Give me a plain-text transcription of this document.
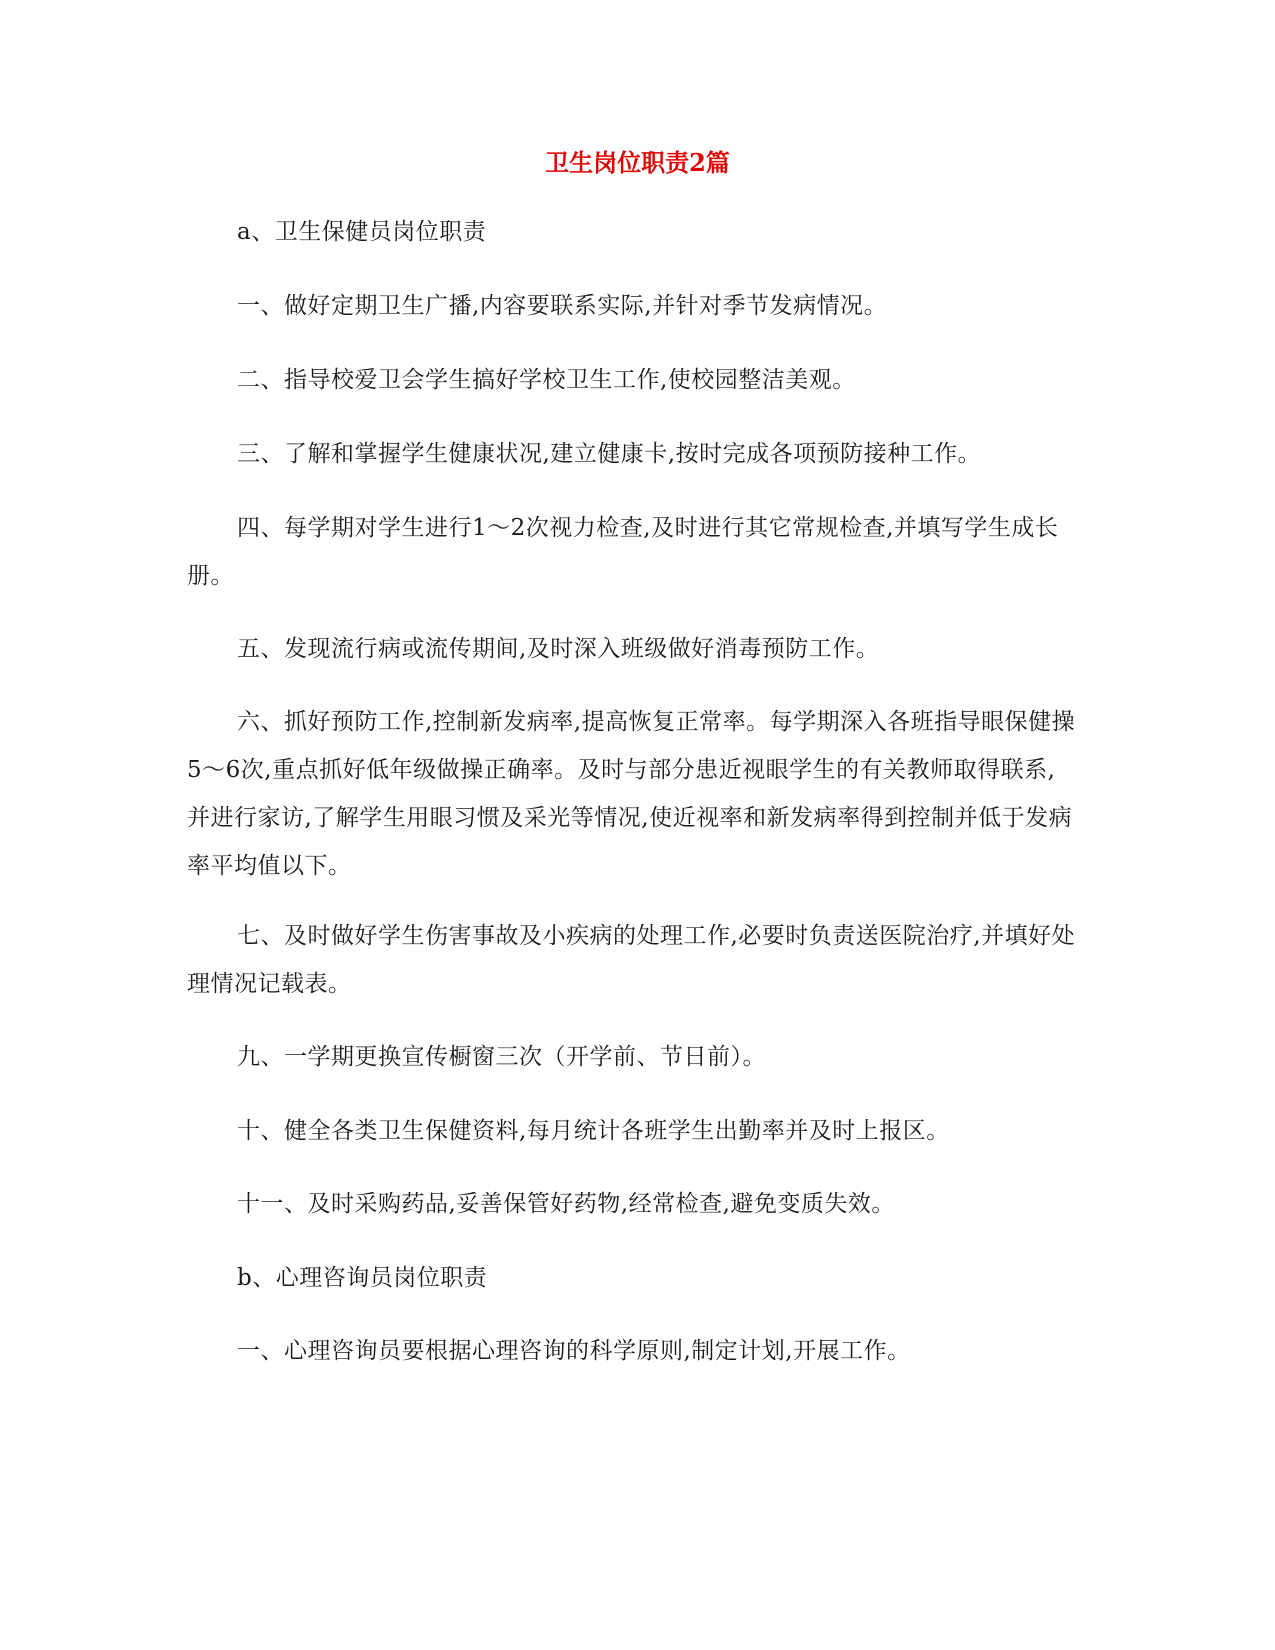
卫生岗位职责2篇

a、卫生保健员岗位职责

一、做好定期卫生广播,内容要联系实际,并针对季节发病情况。

二、指导校爱卫会学生搞好学校卫生工作,使校园整洁美观。

三、了解和掌握学生健康状况,建立健康卡,按时完成各项预防接种工作。

四、每学期对学生进行1～2次视力检查,及时进行其它常规检查,并填写学生成长册。

五、发现流行病或流传期间,及时深入班级做好消毒预防工作。

六、抓好预防工作,控制新发病率,提高恢复正常率。每学期深入各班指导眼保健操5～6次,重点抓好低年级做操正确率。及时与部分患近视眼学生的有关教师取得联系,并进行家访,了解学生用眼习惯及采光等情况,使近视率和新发病率得到控制并低于发病率平均值以下。

七、及时做好学生伤害事故及小疾病的处理工作,必要时负责送医院治疗,并填好处理情况记载表。

九、一学期更换宣传橱窗三次（开学前、节日前）。

十、健全各类卫生保健资料,每月统计各班学生出勤率并及时上报区。

十一、及时采购药品,妥善保管好药物,经常检查,避免变质失效。

b、心理咨询员岗位职责

一、心理咨询员要根据心理咨询的科学原则,制定计划,开展工作。
